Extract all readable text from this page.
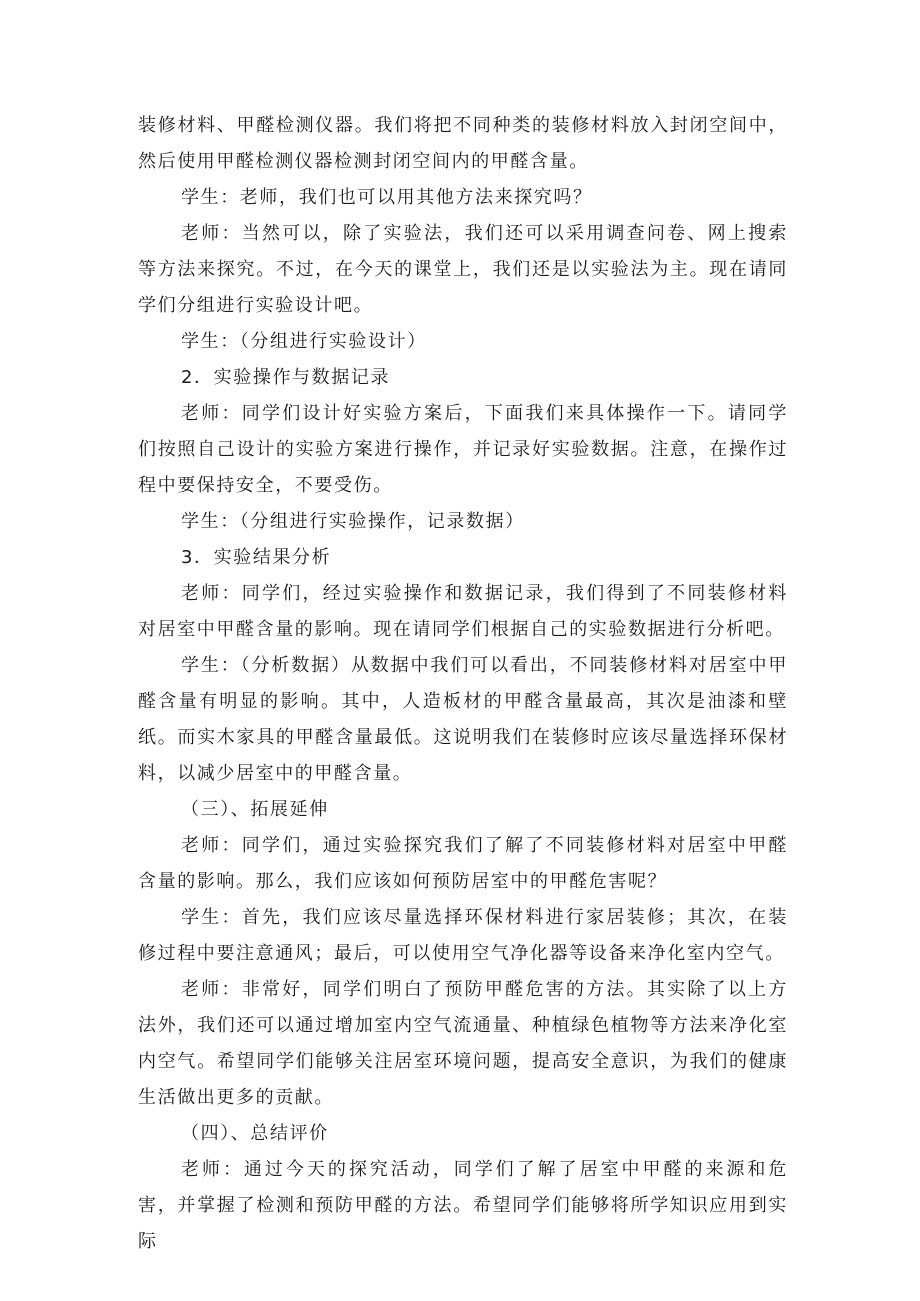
装修材料、甲醛检测仪器。我们将把不同种类的装修材料放入封闭空间中，然后使用甲醛检测仪器检测封闭空间内的甲醛含量。

学生：老师，我们也可以用其他方法来探究吗？

老师：当然可以，除了实验法，我们还可以采用调查问卷、网上搜索等方法来探究。不过，在今天的课堂上，我们还是以实验法为主。现在请同学们分组进行实验设计吧。

学生：（分组进行实验设计）

2．实验操作与数据记录

老师：同学们设计好实验方案后，下面我们来具体操作一下。请同学们按照自己设计的实验方案进行操作，并记录好实验数据。注意，在操作过程中要保持安全，不要受伤。

学生：（分组进行实验操作，记录数据）

3．实验结果分析

老师：同学们，经过实验操作和数据记录，我们得到了不同装修材料对居室中甲醛含量的影响。现在请同学们根据自己的实验数据进行分析吧。

学生：（分析数据）从数据中我们可以看出，不同装修材料对居室中甲醛含量有明显的影响。其中，人造板材的甲醛含量最高，其次是油漆和壁纸。而实木家具的甲醛含量最低。这说明我们在装修时应该尽量选择环保材料，以减少居室中的甲醛含量。

（三）、拓展延伸

老师：同学们，通过实验探究我们了解了不同装修材料对居室中甲醛含量的影响。那么，我们应该如何预防居室中的甲醛危害呢？

学生：首先，我们应该尽量选择环保材料进行家居装修；其次，在装修过程中要注意通风；最后，可以使用空气净化器等设备来净化室内空气。

老师：非常好，同学们明白了预防甲醛危害的方法。其实除了以上方法外，我们还可以通过增加室内空气流通量、种植绿色植物等方法来净化室内空气。希望同学们能够关注居室环境问题，提高安全意识，为我们的健康生活做出更多的贡献。

（四）、总结评价

老师：通过今天的探究活动，同学们了解了居室中甲醛的来源和危害，并掌握了检测和预防甲醛的方法。希望同学们能够将所学知识应用到实际
